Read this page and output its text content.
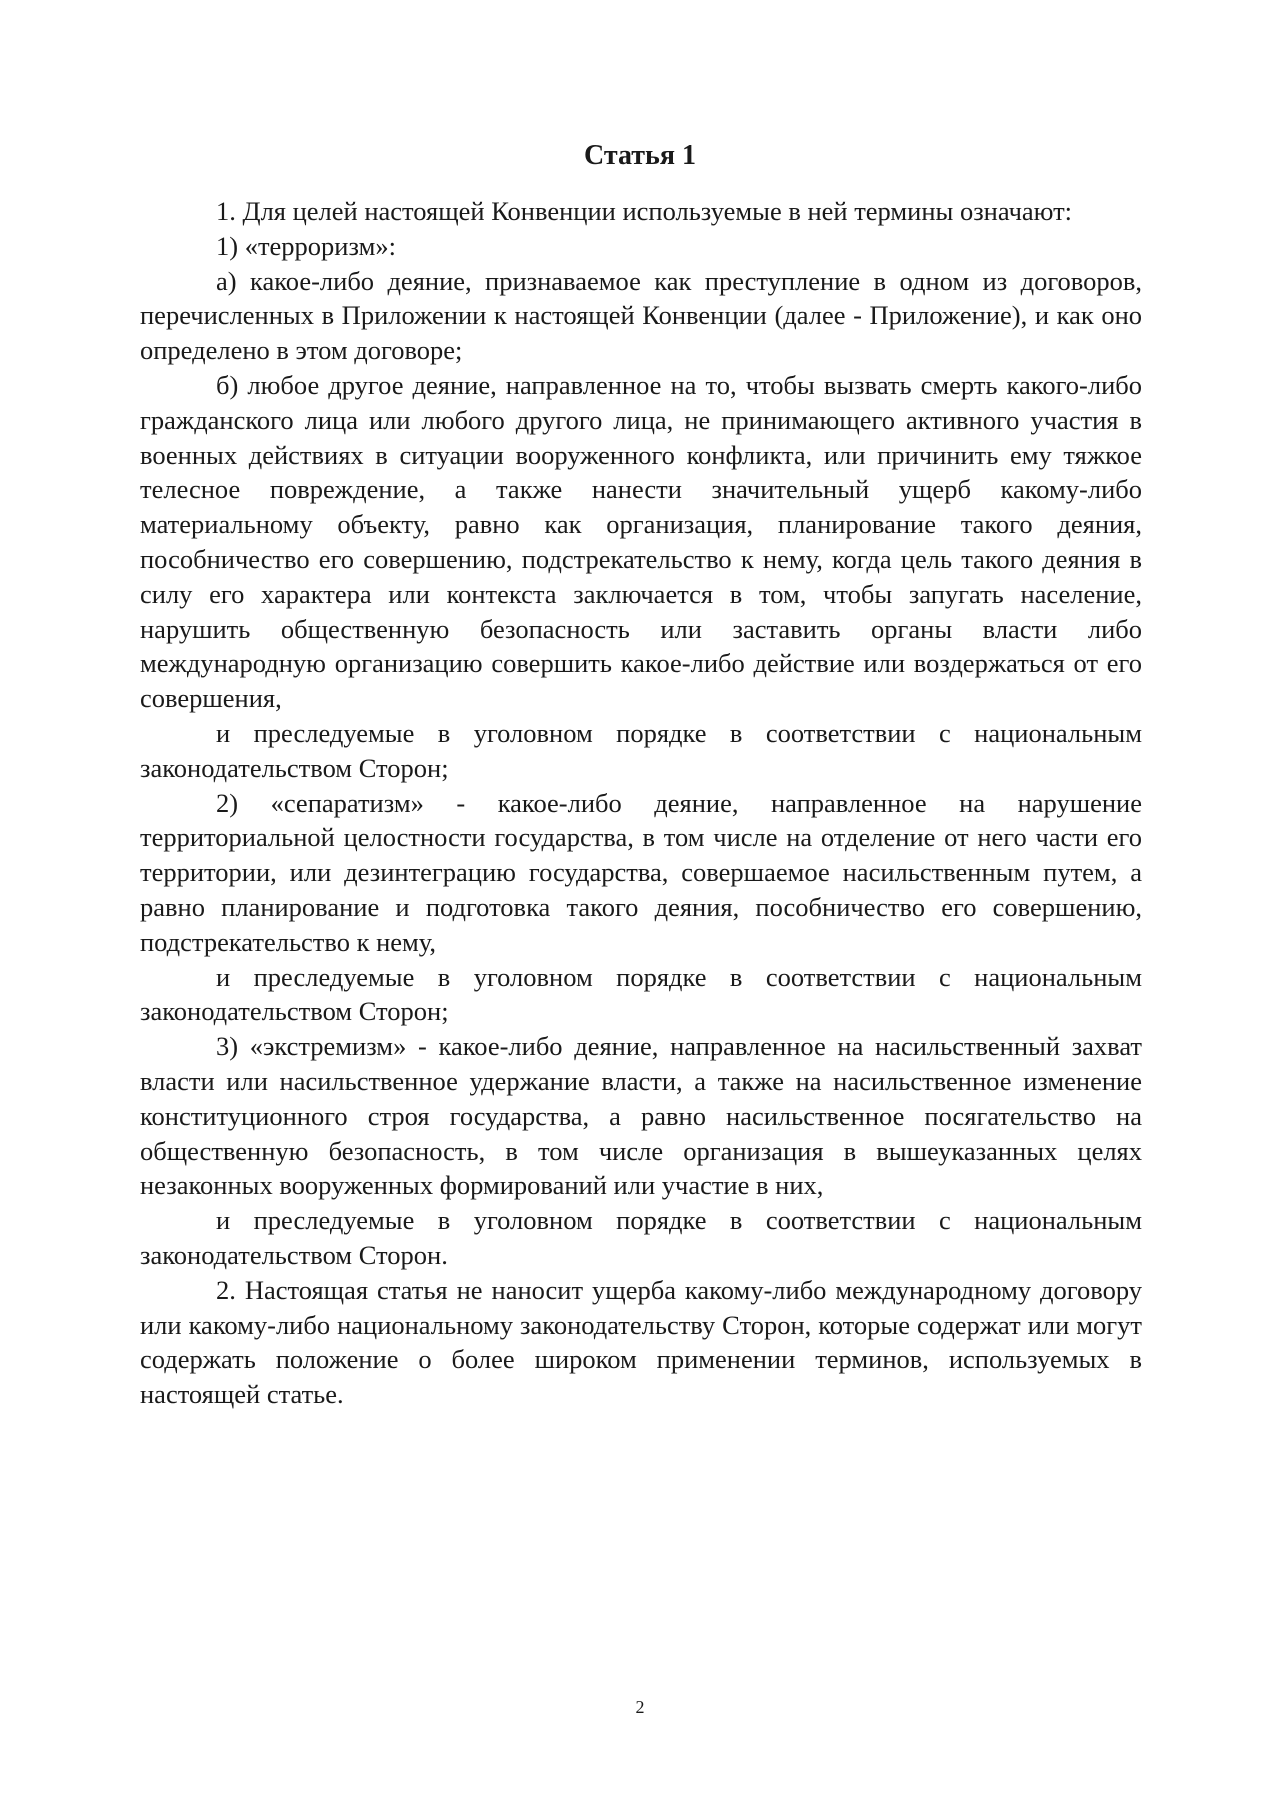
Статья 1

1. Для целей настоящей Конвенции используемые в ней термины означают:

1) «терроризм»:

а) какое-либо деяние, признаваемое как преступление в одном из договоров, перечисленных в Приложении к настоящей Конвенции (далее - Приложение), и как оно определено в этом договоре;

б) любое другое деяние, направленное на то, чтобы вызвать смерть какого-либо гражданского лица или любого другого лица, не принимающего активного участия в военных действиях в ситуации вооруженного конфликта, или причинить ему тяжкое телесное повреждение, а также нанести значительный ущерб какому-либо материальному объекту, равно как организация, планирование такого деяния, пособничество его совершению, подстрекательство к нему, когда цель такого деяния в силу его характера или контекста заключается в том, чтобы запугать население, нарушить общественную безопасность или заставить органы власти либо международную организацию совершить какое-либо действие или воздержаться от его совершения,

и преследуемые в уголовном порядке в соответствии с национальным законодательством Сторон;

2) «сепаратизм» - какое-либо деяние, направленное на нарушение территориальной целостности государства, в том числе на отделение от него части его территории, или дезинтеграцию государства, совершаемое насильственным путем, а равно планирование и подготовка такого деяния, пособничество его совершению, подстрекательство к нему,

и преследуемые в уголовном порядке в соответствии с национальным законодательством Сторон;

3) «экстремизм» - какое-либо деяние, направленное на насильственный захват власти или насильственное удержание власти, а также на насильственное изменение конституционного строя государства, а равно насильственное посягательство на общественную безопасность, в том числе организация в вышеуказанных целях незаконных вооруженных формирований или участие в них,

и преследуемые в уголовном порядке в соответствии с национальным законодательством Сторон.

2. Настоящая статья не наносит ущерба какому-либо международному договору или какому-либо национальному законодательству Сторон, которые содержат или могут содержать положение о более широком применении терминов, используемых в настоящей статье.

2
